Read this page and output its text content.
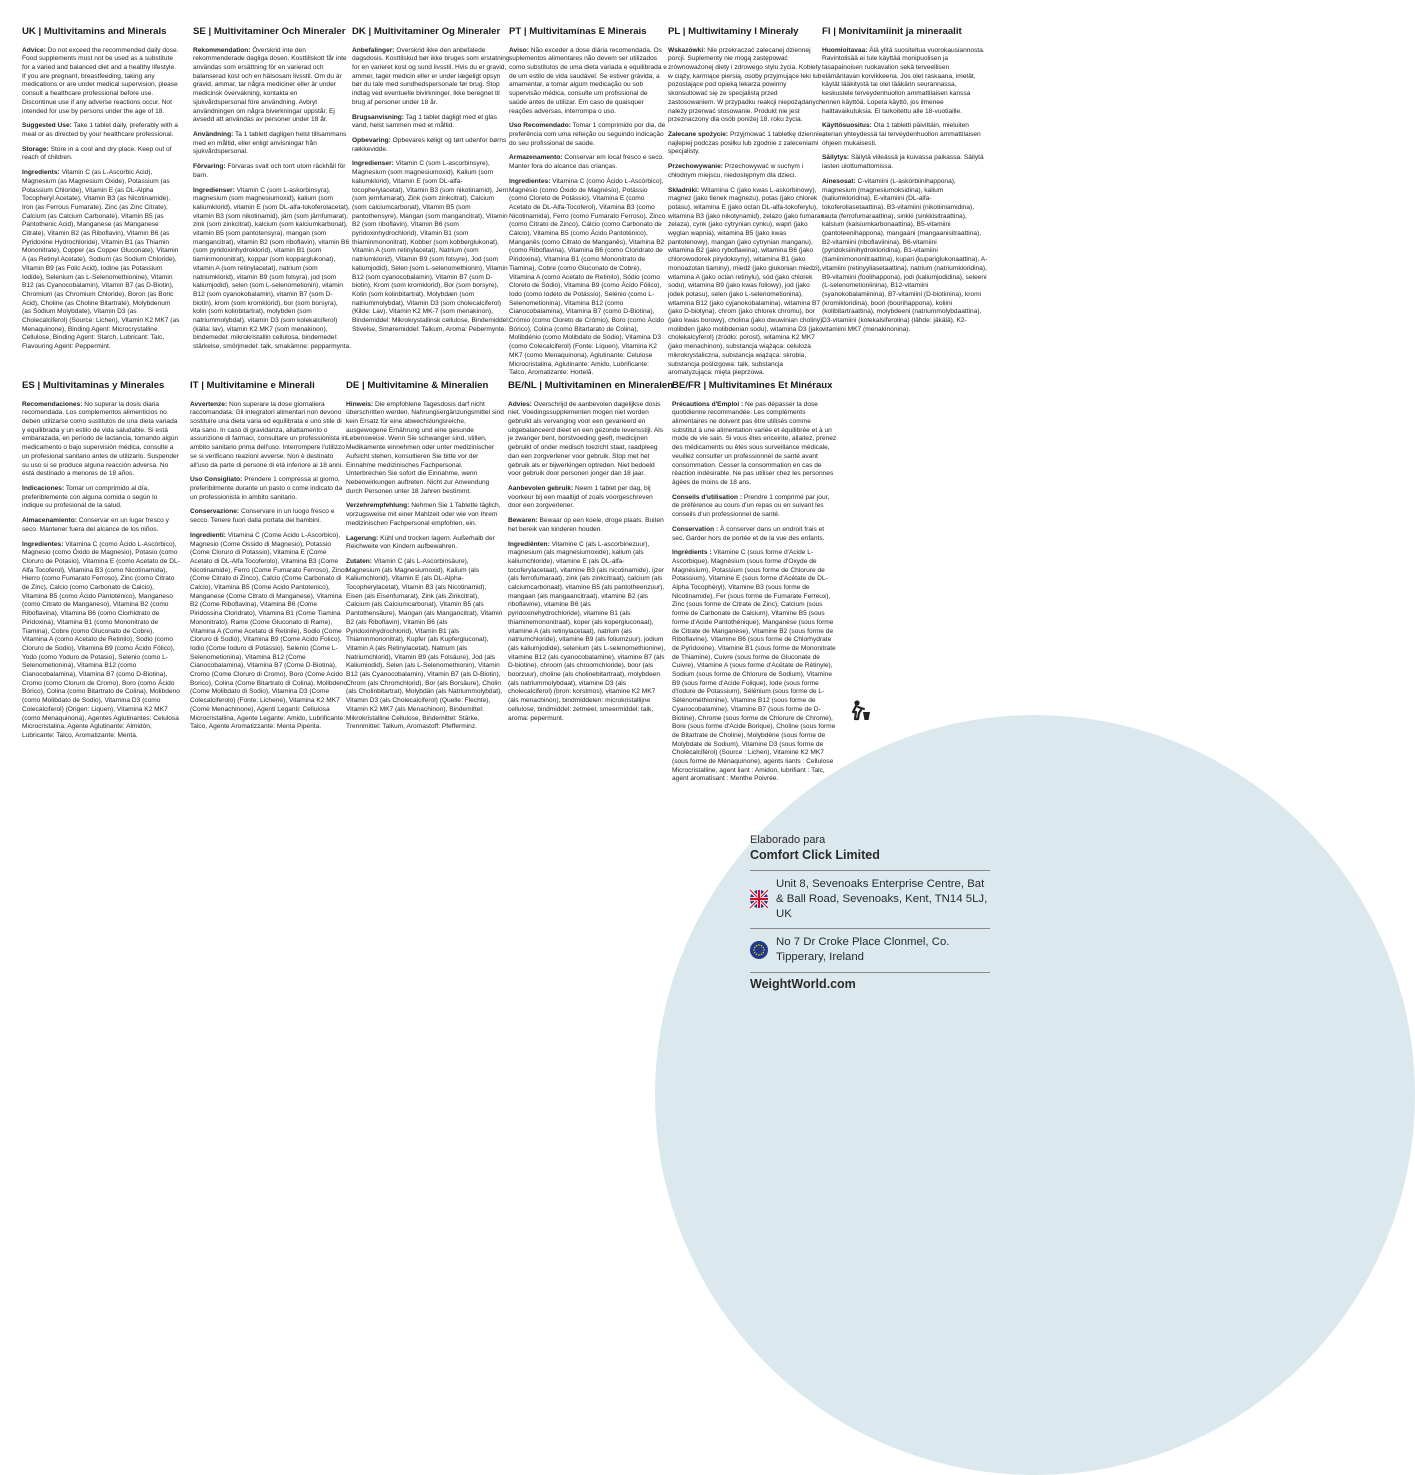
UK | Multivitamins and Minerals

Advice: Do not exceed the recommended daily dose. Food supplements must not be used as a substitute for a varied and balanced diet and a healthy lifestyle. If you are pregnant, breastfeeding, taking any medications or are under medical supervision, please consult a healthcare professional before use. Discontinue use if any adverse reactions occur. Not intended for use by persons under the age of 18.

Suggested Use: Take 1 tablet daily, preferably with a meal or as directed by your healthcare professional.

Storage: Store in a cool and dry place. Keep out of reach of children.

Ingredients: Vitamin C (as L-Ascorbic Acid), Magnesium (as Magnesium Oxide), Potassium (as Potassium Chloride), Vitamin E (as DL-Alpha Tocopheryl Acetate), Vitamin B3 (as Nicotinamide), Iron (as Ferrous Fumarate), Zinc (as Zinc Citrate), Calcium (as Calcium Carbonate), Vitamin B5 (as Pantothenic Acid), Manganese (as Manganese Citrate), Vitamin B2 (as Riboflavin), Vitamin B6 (as Pyridoxine Hydrochloride), Vitamin B1 (as Thiamin Mononitrate), Copper (as Copper Gluconate), Vitamin A (as Retinyl Acetate), Sodium (as Sodium Chloride), Vitamin B9 (as Folic Acid), Iodine (as Potassium Iodide), Selenium (as L-Selenomethionine), Vitamin B12 (as Cyanocobalamin), Vitamin B7 (as D-Biotin), Chromium (as Chromium Chloride), Boron (as Boric Acid), Choline (as Choline Bitartrate), Molybdenum (as Sodium Molybdate), Vitamin D3 (as Cholecalciferol) (Source: Lichen), Vitamin K2 MK7 (as Menaquinone), Binding Agent: Microcrystalline Cellulose, Binding Agent: Starch, Lubricant: Talc, Flavouring Agent: Peppermint.

SE | Multivitaminer Och Mineraler

Rekommendation: Överskrid inte den rekommenderade dagliga dosen. Kosttillskott får inte användas som ersättning för en varierad och balanserad kost och en hälsosam livsstil. Om du är gravid, ammar, tar några mediciner eller är under medicinsk övervakning, kontakta en sjukvårdspersonal före användning. Avbryt användningen om några biverkningar uppstår. Ej avsedd att användas av personer under 18 år.

Användning: Ta 1 tablett dagligen helst tillsammans med en måltid, eller enligt anvisningar från sjukvårdspersonal.

Förvaring: Förvaras svalt och torrt utom räckhåll för barn.

Ingredienser: Vitamin C (som L-askorbinsyra), magnesium (som magnesiumoxid), kalium (som kaliumklorid), vitamin E (som DL-alfa-tokoferolacetat), vitamin B3 (som nikotinamid), järn (som järnfumarat), zink (som zinkcitrat), kalcium (som kalciumkarbonat), vitamin B5 (som pantotensyra), mangan (som mangancitrat), vitamin B2 (som riboflavin), vitamin B6 (som pyridoxinhydroklorid), vitamin B1 (som tiaminmononitrat), koppar (som kopparglukonat), vitamin A (som retinylacetat), natrium (som natriumklorid), vitamin B9 (som folsyra), jod (som kaliumjodid), selen (som L-selenometionin), vitamin B12 (som cyanokobalamin), vitamin B7 (som D-biotin), krom (som kromklorid), bor (som borsyra), kolin (som kolinbitartrat), molybden (som natriummolybdat), vitamin D3 (som kolekalciferol) (källa: lav), vitamin K2 MK7 (som menakinon), bindemedel: mikrokristallin cellulosa, bindemedel: stärkelse, smörjmedel: talk, smakämne: pepparmynta.

DK | Multivitaminer Og Mineraler

Anbefalinger: Overskrid ikke den anbefalede dagsdosis. Kosttilskud bør ikke bruges som erstatning for en varieret kost og sund livsstil. Hvis du er gravid, ammer, tager medicin eller er under lægeligt opsyn bør du tale med sundhedspersonale før brug. Stop indtag ved eventuelle bivirkninger. Ikke beregnet til brug af personer under 18 år.

Brugsanvisning: Tag 1 tablet dagligt med et glas vand, helst sammen med et måltid.

Opbevaring: Opbevares køligt og tørt udenfor børns rækkevidde.

Ingredienser: Vitamin C (som L-ascorbinsyre), Magnesium (som magnesiumoxid), Kalium (som kaliumklorid), Vitamin E (som DL-alfa-tocopherylacetat), Vitamin B3 (som nikotinamid), Jern (som jernfumarat), Zink (som zinkcitrat), Calcium (som calciumcarbonat), Vitamin B5 (som pantothensyre), Mangan (som mangancitrat), Vitamin B2 (som riboflavin), Vitamin B6 (som pyridoxinhydrochlorid), Vitamin B1 (som thiaminmononitrat), Kobber (som kobberglukonat), Vitamin A (som retinylacetat), Natrium (som natriumklorid), Vitamin B9 (som folsyre), Jod (som kaliumjodid), Selen (som L-selenomethionin), Vitamin B12 (som cyanocobalamin), Vitamin B7 (som D-biotin), Krom (som kromklorid), Bor (som borsyre), Kolin (som kolinbitartrat), Molybdæn (som natriummolybdat), Vitamin D3 (som cholecalciferol) (Kilde: Lav), Vitamin K2 MK-7 (som menakinon), Bindemiddel: Mikrokrystallinsk cellulose, Bindemiddel: Stivelse, Smøremiddel: Talkum, Aroma: Pebermynte.

PT | Multivitamínas E Minerais

Aviso: Não exceder a dose diária recomendada. Os suplementos alimentares não devem ser utilizados como substitutos de uma dieta variada e equilibrada e de um estilo de vida saudável. Se estiver grávida, a amamentar, a tomar algum medicação ou sob supervisão médica, consulte um profissional de saúde antes de utilizar. Em caso de quaisquer reações adversas, interrompa o uso.

Uso Recomendado: Tomar 1 comprimido por dia, de preferência com uma refeição ou seguindo indicação do seu profissional de saúde.

Armazenamento: Conservar em local fresco e seco. Manter fora do alcance das crianças.

Ingredientes: Vitamina C (como Ácido L-Ascórbico), Magnésio (como Óxido de Magnésio), Potássio (como Cloreto de Potássio), Vitamina E (como Acetato de DL-Alfa-Tocoferol), Vitamina B3 (como Nicotinamida), Ferro (como Fumarato Ferroso), Zinco (como Citrato de Zinco), Cálcio (como Carbonato de Cálcio), Vitamina B5 (como Ácido Pantoténico), Manganês (como Citrato de Manganês), Vitamina B2 (como Riboflavina), Vitamina B6 (como Cloridrato de Piridoxina), Vitamina B1 (como Mononitrato de Tiamina), Cobre (como Gluconato de Cobre), Vitamina A (como Acetato de Retinilo), Sódio (como Cloreto de Sódio), Vitamina B9 (como Ácido Fólico), Iodo (como Iodeto de Potássio), Selénio (como L-Selenometionina), Vitamina B12 (como Cianocobalamina), Vitamina B7 (como D-Biotina), Crómio (como Cloreto de Crómio), Boro (como Ácido Bórico), Colina (como Bitartarato de Colina), Molibdénio (como Molibdato de Sódio), Vitamina D3 (como Colecalciferol) (Fonte: Líquen), Vitamina K2 MK7 (como Menaquinona), Aglutinante: Celulose Microcristalina, Aglutinante: Amido, Lubrificante: Talco, Aromatizante: Hortelã.

PL | Multiwitaminy I Minerały

Wskazówki: Nie przekraczać zalecanej dziennej porcji. Suplementy nie mogą zastępować zrównoważonej diety i zdrowego stylu życia. Kobiety w ciąży, karmiące piersią, osoby przyjmujące leki lub pozostające pod opieką lekarza powinny skonsultować się ze specjalistą przed zastosowaniem. W przypadku reakcji niepożądanych należy przerwać stosowanie. Produkt nie jest przeznaczony dla osób poniżej 18. roku życia.

Zalecane spożycie: Przyjmować 1 tabletkę dziennie, najlepiej podczas posiłku lub zgodnie z zaleceniami specjalisty.

Przechowywanie: Przechowywać w suchym i chłodnym miejscu, niedostępnym dla dzieci.

Składniki: Witamina C (jako kwas L-askorbinowy), magnez (jako tlenek magnezu), potas (jako chlorek potasu), witamina E (jako octan DL-alfa-tokoferylu), witamina B3 (jako nikotynamid), żelazo (jako fumaran żelaza), cynk (jako cytrynian cynku), wapń (jako węglan wapnia), witamina B5 (jako kwas pantotenowy), mangan (jako cytrynian manganu), witamina B2 (jako ryboflawina), witamina B6 (jako chlorowodorek pirydoksyny), witamina B1 (jako monoazotan tiaminy), miedź (jako glukonian miedzi), witamina A (jako octan retinylu), sód (jako chlorek sodu), witamina B9 (jako kwas foliowy), jod (jako jodek potasu), selen (jako L-selenometionina), witamina B12 (jako cyjanokobalamina), witamina B7 (jako D-biotyna), chrom (jako chlorek chromu), bor (jako kwas borowy), cholina (jako dwuwinian choliny), molibden (jako molibdenian sodu), witamina D3 (jako cholekalcyferol) (źródło: porost), witamina K2 MK7 (jako menachinon), substancja wiążąca: celuloza mikrokrystaliczna, substancja wiążąca: skrobia, substancja poślizgowa: talk, substancja aromatyzująca: mięta pieprzowa.

FI | Monivitamiinit ja mineraalit

Huomioitavaa: Älä ylitä suositeltua vuorokausiannosta. Ravintolisää ei tule käyttää monipuolisen ja tasapainoisen ruokavalion sekä terveellisen elämäntavan korvikkeena. Jos olet raskaana, imetät, käytät lääkitystä tai olet lääkärin seurannassa, keskustele terveydenhuollon ammattilaisen kanssa ennen käyttöä. Lopeta käyttö, jos ilmenee haittavaikutuksia. Ei tarkoitettu alle 18-vuotiaille.

Käyttösuositus: Ota 1 tabletti päivittäin, mieluiten aterian yhteydessä tai terveydenhuollon ammattilaisen ohjeen mukaisesti.

Säilytys: Säilytä viileässä ja kuivassa paikassa. Säilytä lasten ulottumattomissa.

Ainesosat: C-vitamiini (L-askorbiinihappona), magnesium (magnesiumoksidina), kalium (kaliumkloridina), E-vitamiini (DL-alfa-tokoferoliasetaattina), B3-vitamiini (nikotiiniamidina), rauta (ferrofumaraattina), sinkki (sinkkisitraattina), kalsium (kalsiumkarbonaattina), B5-vitamiini (pantoteenihappona), mangaani (mangaanisitraattina), B2-vitamiini (riboflaviinina), B6-vitamiini (pyridoksiinihydrokloridina), B1-vitamiini (tiamiinimononitraattina), kupari (kupariglukonaattina), A-vitamiini (retinyyliasetaattina), natrium (natriumkloridina), B9-vitamiini (foolihappona), jodi (kaliumjodidina), seleeni (L-selenometioniinina), B12-vitamiini (syanokobalamiinina), B7-vitamiini (D-biotiinina), kromi (kromikloridina), boori (boorihappona), koliini (kolibitartraattina), molybdeeni (natriummolybdaattina), D3-vitamiini (kolekalsiferolina) (lähde: jäkälä), K2-vitamiini MK7 (menakinonina).

ES | Multivitaminas y Minerales

Recomendaciones: No superar la dosis diaria recomendada. Los complementos alimenticios no deben utilizarse como sustitutos de una dieta variada y equilibrada y un estilo de vida saludable. Si está embarazada, en período de lactancia, tomando algún medicamento o bajo supervisión médica, consulte a un profesional sanitario antes de utilizarlo. Suspender su uso si se produce alguna reacción adversa. No está destinado a menores de 18 años.

Indicaciones: Tomar un comprimido al día, preferiblemente con alguna comida o según lo indique su profesional de la salud.

Almacenamiento: Conservar en un lugar fresco y seco. Mantener fuera del alcance de los niños.

Ingredientes: Vitamina C (como Ácido L-Ascórbico), Magnesio (como Óxido de Magnesio), Potasio (como Cloruro de Potasio), Vitamina E (como Acetato de DL-Alfa Tocoferol), Vitamina B3 (como Nicotinamida), Hierro (como Fumarato Ferroso), Zinc (como Citrato de Zinc), Calcio (como Carbonato de Calcio), Vitamina B5 (como Ácido Pantoténico), Manganeso (como Citrato de Manganeso), Vitamina B2 (como Riboflavina), Vitamina B6 (como Clorhidrato de Piridoxina), Vitamina B1 (como Mononitrato de Tiamina), Cobre (como Gluconato de Cobre), Vitamina A (como Acetato de Retinilo), Sodio (como Cloruro de Sodio), Vitamina B9 (como Ácido Fólico), Yodo (como Yoduro de Potasio), Selenio (como L-Selenometionina), Vitamina B12 (como Cianocobalamina), Vitamina B7 (como D-Biotina), Cromo (como Cloruro de Cromo), Boro (como Ácido Bórico), Colina (como Bitartrato de Colina), Molibdeno (como Molibdato de Sodio), Vitamina D3 (como Colecalciferol) (Origen: Liquen), Vitamina K2 MK7 (como Menaquinona), Agentes Aglutinantes: Celulosa Microcristalina, Agente Aglutinante: Almidón, Lubricante: Talco, Aromatizante: Menta.

IT | Multivitamine e Minerali

Avvertenze: Non superare la dose giornaliera raccomandata. Gli integratori alimentari non devono sostituire una dieta varia ed equilibrata e uno stile di vita sano. In caso di gravidanza, allattamento o assunzione di farmaci, consultare un professionista in ambito sanitario prima dell'uso. Interrompere l'utilizzo se si verificano reazioni avverse. Non è destinato all'uso da parte di persone di età inferiore ai 18 anni.

Uso Consigliato: Prendere 1 compressa al giorno, preferibilmente durante un pasto o come indicato da un professionista in ambito sanitario.

Conservazione: Conservare in un luogo fresco e secco. Tenere fuori dalla portata dei bambini.

Ingredienti: Vitamina C (Come Acido L-Ascorbico), Magnesio (Come Ossido di Magnesio), Potassio (Come Cloruro di Potassio), Vitamina E (Come Acetato di DL-Alfa Tocoferolo), Vitamina B3 (Come Nicotinamide), Ferro (Come Fumarato Ferroso), Zinco (Come Citrato di Zinco), Calcio (Come Carbonato di Calcio), Vitamina B5 (Come Acido Pantotenico), Manganese (Come Citrato di Manganese), Vitamina B2 (Come Riboflavina), Vitamina B6 (Come Piridossina Cloridrato), Vitamina B1 (Come Tiamina Mononitrato), Rame (Come Gluconato di Rame), Vitamina A (Come Acetato di Retinile), Sodio (Come Cloruro di Sodio), Vitamina B9 (Come Acido Folico), Iodio (Come Ioduro di Potassio), Selenio (Come L-Selenometionina), Vitamina B12 (Come Cianocobalamina), Vitamina B7 (Come D-Biotina), Cromo (Come Cloruro di Cromo), Boro (Come Acido Borico), Colina (Come Bitartrato di Colina), Molibdeno (Come Molibdato di Sodio), Vitamina D3 (Come Colecalciferolo) (Fonte: Lichene), Vitamina K2 MK7 (Come Menachinone), Agenti Leganti: Cellulosa Microcristallina, Agente Legante: Amido, Lubrificante: Talco, Agente Aromatizzante: Menta Piperita.

DE | Multivitamine & Mineralien

Hinweis: Die empfohlene Tagesdosis darf nicht überschritten werden. Nahrungsergänzungsmittel sind kein Ersatz für eine abwechslungsreiche, ausgewogene Ernährung und eine gesunde Lebensweise. Wenn Sie schwanger sind, stillen, Medikamente einnehmen oder unter medizinischer Aufsicht stehen, konsultieren Sie bitte vor der Einnahme medizinisches Fachpersonal. Unterbrechen Sie sofort die Einnahme, wenn Nebenwirkungen auftreten. Nicht zur Anwendung durch Personen unter 18 Jahren bestimmt.

Verzehrempfehlung: Nehmen Sie 1 Tablette täglich, vorzugsweise mit einer Mahlzeit oder wie von Ihrem medizinischen Fachpersonal empfohlen, ein.

Lagerung: Kühl und trocken lagern. Außerhalb der Reichweite von Kindern aufbewahren.

Zutaten: Vitamin C (als L-Ascorbinsäure), Magnesium (als Magnesiumoxid), Kalium (als Kaliumchlorid), Vitamin E (als DL-Alpha-Tocopherylacetat), Vitamin B3 (als Nicotinamid), Eisen (als Eisenfumarat), Zink (als Zinkcitrat), Calcium (als Calciumcarbonat), Vitamin B5 (als Pantothensäure), Mangan (als Mangancitrat), Vitamin B2 (als Riboflavin), Vitamin B6 (als Pyridoxinhydrochlorid), Vitamin B1 (als Thiaminmononitrat), Kupfer (als Kupfergluconat), Vitamin A (als Retinylacetat), Natrium (als Natriumchlorid), Vitamin B9 (als Folsäure), Jod (als Kaliumiodid), Selen (als L-Selenomethionin), Vitamin B12 (als Cyanocobalamin), Vitamin B7 (als D-Biotin), Chrom (als Chromchlorid), Bor (als Borsäure), Cholin (als Cholinbitartrat), Molybdän (als Natriummolybdat), Vitamin D3 (als Cholecalciferol) (Quelle: Flechte), Vitamin K2 MK7 (als Menachinon), Bindemittel: Mikrokristalline Cellulose, Bindemittel: Stärke, Trennmittel: Talkum, Aromastoff: Pfefferminz.

BE/NL | Multivitaminen en Mineralen

Advies: Overschrijd de aanbevolen dagelijkse dosis niet. Voedingssupplementen mogen niet worden gebruikt als vervanging voor een gevarieerd en uitgebalanceerd dieet en een gezonde levensstijl. Als je zwanger bent, borstvoeding geeft, medicijnen gebruikt of onder medisch toezicht staat, raadpleeg dan een zorgverlener voor gebruik. Stop met het gebruik als er bijwerkingen optreden. Niet bedoeld voor gebruik door personen jonger dan 18 jaar.

Aanbevolen gebruik: Neem 1 tablet per dag, bij voorkeur bij een maaltijd of zoals voorgeschreven door een zorgverlener.

Bewaren: Bewaar op een koele, droge plaats. Buiten het bereik van kinderen houden.

Ingrediënten: Vitamine C (als L-ascorbinezuur), magnesium (als magnesiumoxide), kalium (als kaliumchloride), vitamine E (als DL-alfa-tocoferylacetaat), vitamine B3 (als nicotinamide), ijzer (als ferrofumaraat), zink (als zinkcitraat), calcium (als calciumcarbonaat), vitamine B5 (als pantotheenzuur), mangaan (als mangaancitraat), vitamine B2 (als riboflavine), vitamine B6 (als pyridoxinehydrochloride), vitamine B1 (als thiaminemononitraat), koper (als kopergluconaat), vitamine A (als retinylacetaat), natrium (als natriumchloride), vitamine B9 (als foliumzuur), jodium (als kaliumjodide), selenium (als L-selenomethionine), vitamine B12 (als cyanocobalamine), vitamine B7 (als D-biotine), chroom (als chroomchloride), boor (als boorzuur), choline (als cholinebitartraat), molybdeen (als natriummolybdaat), vitamine D3 (als cholecalciferol) (bron: korstmos), vitamine K2 MK7 (als menachinon), bindmiddelen: microkristallijne cellulose, bindmiddel: zetmeel, smeermiddel: talk, aroma: pepermunt.

BE/FR | Multivitamines Et Minéraux

Précautions d'Emploi : Ne pas dépasser la dose quotidienne recommandée. Les compléments alimentaires ne doivent pas être utilisés comme substitut à une alimentation variée et équilibrée et à un mode de vie sain. Si vous êtes enceinte, allaitez, prenez des médicaments ou êtes sous surveillance médicale, veuillez consulter un professionnel de santé avant consommation. Cesser la consommation en cas de réaction indésirable. Ne pas utiliser chez les personnes âgées de moins de 18 ans.

Conseils d'utilisation : Prendre 1 comprimé par jour, de préférence au cours d'un repas ou en suivant les conseils d'un professionnel de santé.

Conservation : À conserver dans un endroit frais et sec. Garder hors de portée et de la vue des enfants.

Ingrédients : Vitamine C (sous forme d'Acide L-Ascorbique), Magnésium (sous forme d'Oxyde de Magnésium), Potassium (sous forme de Chlorure de Potassium), Vitamine E (sous forme d'Acétate de DL-Alpha Tocophéryl), Vitamine B3 (sous forme de Nicotinamide), Fer (sous forme de Fumarate Ferreux), Zinc (sous forme de Citrate de Zinc), Calcium (sous forme de Carbonate de Calcium), Vitamine B5 (sous forme d'Acide Pantothénique), Manganèse (sous forme de Citrate de Manganèse), Vitamine B2 (sous forme de Riboflavine), Vitamine B6 (sous forme de Chlorhydrate de Pyridoxine), Vitamine B1 (sous forme de Mononitrate de Thiamine), Cuivre (sous forme de Gluconate de Cuivre), Vitamine A (sous forme d'Acétate de Rétinyle), Sodium (sous forme de Chlorure de Sodium), Vitamine B9 (sous forme d'Acide Folique), Iode (sous forme d'Iodure de Potassium), Sélénium (sous forme de L-Sélénométhionine), Vitamine B12 (sous forme de Cyanocobalamine), Vitamine B7 (sous forme de D-Biotine), Chrome (sous forme de Chlorure de Chrome), Bore (sous forme d'Acide Borique), Choline (sous forme de Bitartrate de Choline), Molybdène (sous forme de Molybdate de Sodium), Vitamine D3 (sous forme de Cholécalciférol) (Source : Lichen), Vitamine K2 MK7 (sous forme de Ménaquinone), agents liants : Cellulose Microcristalline, agent liant : Amidon, lubrifiant : Talc, agent aromatisant : Menthe Poivrée.

Elaborado para
Comfort Click Limited
Unit 8, Sevenoaks Enterprise Centre, Bat & Ball Road, Sevenoaks, Kent, TN14 5LJ, UK
No 7 Dr Croke Place Clonmel, Co. Tipperary, Ireland
WeightWorld.com
